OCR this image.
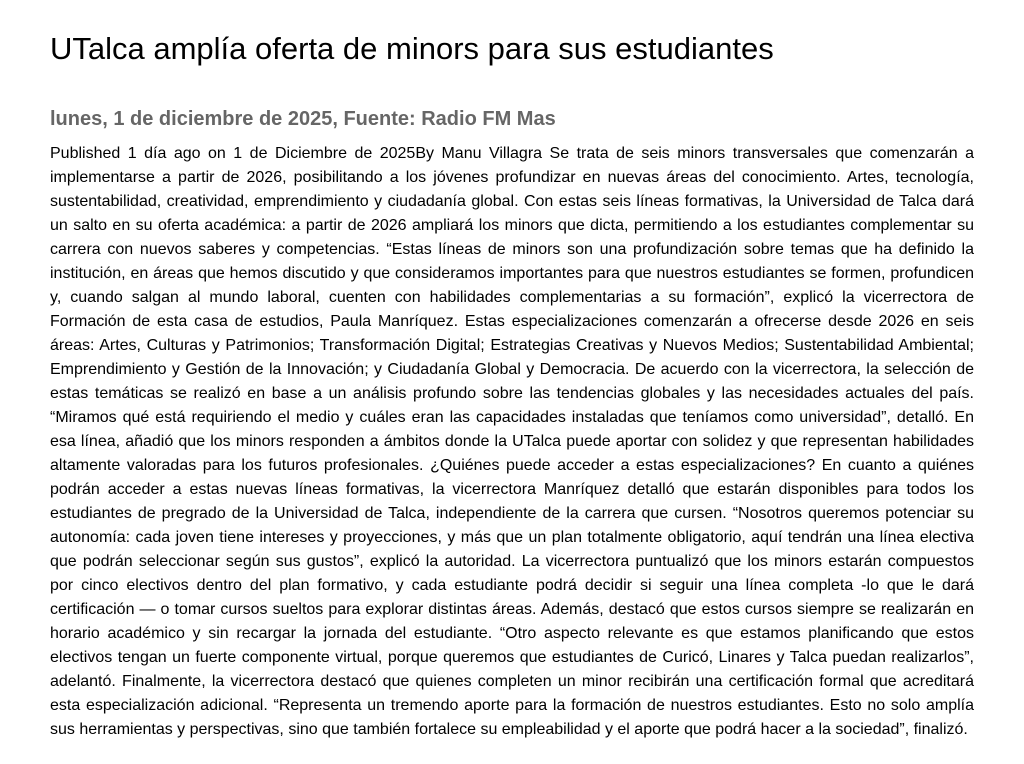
UTalca amplía oferta de minors para sus estudiantes
lunes, 1 de diciembre de 2025, Fuente: Radio FM Mas

Published 1 día ago on 1 de Diciembre de 2025By Manu Villagra Se trata de seis minors transversales que comenzarán a implementarse a partir de 2026, posibilitando a los jóvenes profundizar en nuevas áreas del conocimiento. Artes, tecnología, sustentabilidad, creatividad, emprendimiento y ciudadanía global. Con estas seis líneas formativas, la Universidad de Talca dará un salto en su oferta académica: a partir de 2026 ampliará los minors que dicta, permitiendo a los estudiantes complementar su carrera con nuevos saberes y competencias. “Estas líneas de minors son una profundización sobre temas que ha definido la institución, en áreas que hemos discutido y que consideramos importantes para que nuestros estudiantes se formen, profundicen y, cuando salgan al mundo laboral, cuenten con habilidades complementarias a su formación”, explicó la vicerrectora de Formación de esta casa de estudios, Paula Manríquez. Estas especializaciones comenzarán a ofrecerse desde 2026 en seis áreas: Artes, Culturas y Patrimonios; Transformación Digital; Estrategias Creativas y Nuevos Medios; Sustentabilidad Ambiental; Emprendimiento y Gestión de la Innovación; y Ciudadanía Global y Democracia. De acuerdo con la vicerrectora, la selección de estas temáticas se realizó en base a un análisis profundo sobre las tendencias globales y las necesidades actuales del país. “Miramos qué está requiriendo el medio y cuáles eran las capacidades instaladas que teníamos como universidad”, detalló. En esa línea, añadió que los minors responden a ámbitos donde la UTalca puede aportar con solidez y que representan habilidades altamente valoradas para los futuros profesionales. ¿Quiénes puede acceder a estas especializaciones? En cuanto a quiénes podrán acceder a estas nuevas líneas formativas, la vicerrectora Manríquez detalló que estarán disponibles para todos los estudiantes de pregrado de la Universidad de Talca, independiente de la carrera que cursen. “Nosotros queremos potenciar su autonomía: cada joven tiene intereses y proyecciones, y más que un plan totalmente obligatorio, aquí tendrán una línea electiva que podrán seleccionar según sus gustos”, explicó la autoridad. La vicerrectora puntualizó que los minors estarán compuestos por cinco electivos dentro del plan formativo, y cada estudiante podrá decidir si seguir una línea completa -lo que le dará certificación — o tomar cursos sueltos para explorar distintas áreas. Además, destacó que estos cursos siempre se realizarán en horario académico y sin recargar la jornada del estudiante. “Otro aspecto relevante es que estamos planificando que estos electivos tengan un fuerte componente virtual, porque queremos que estudiantes de Curicó, Linares y Talca puedan realizarlos”, adelantó. Finalmente, la vicerrectora destacó que quienes completen un minor recibirán una certificación formal que acreditará esta especialización adicional. “Representa un tremendo aporte para la formación de nuestros estudiantes. Esto no solo amplía sus herramientas y perspectivas, sino que también fortalece su empleabilidad y el aporte que podrá hacer a la sociedad”, finalizó.
